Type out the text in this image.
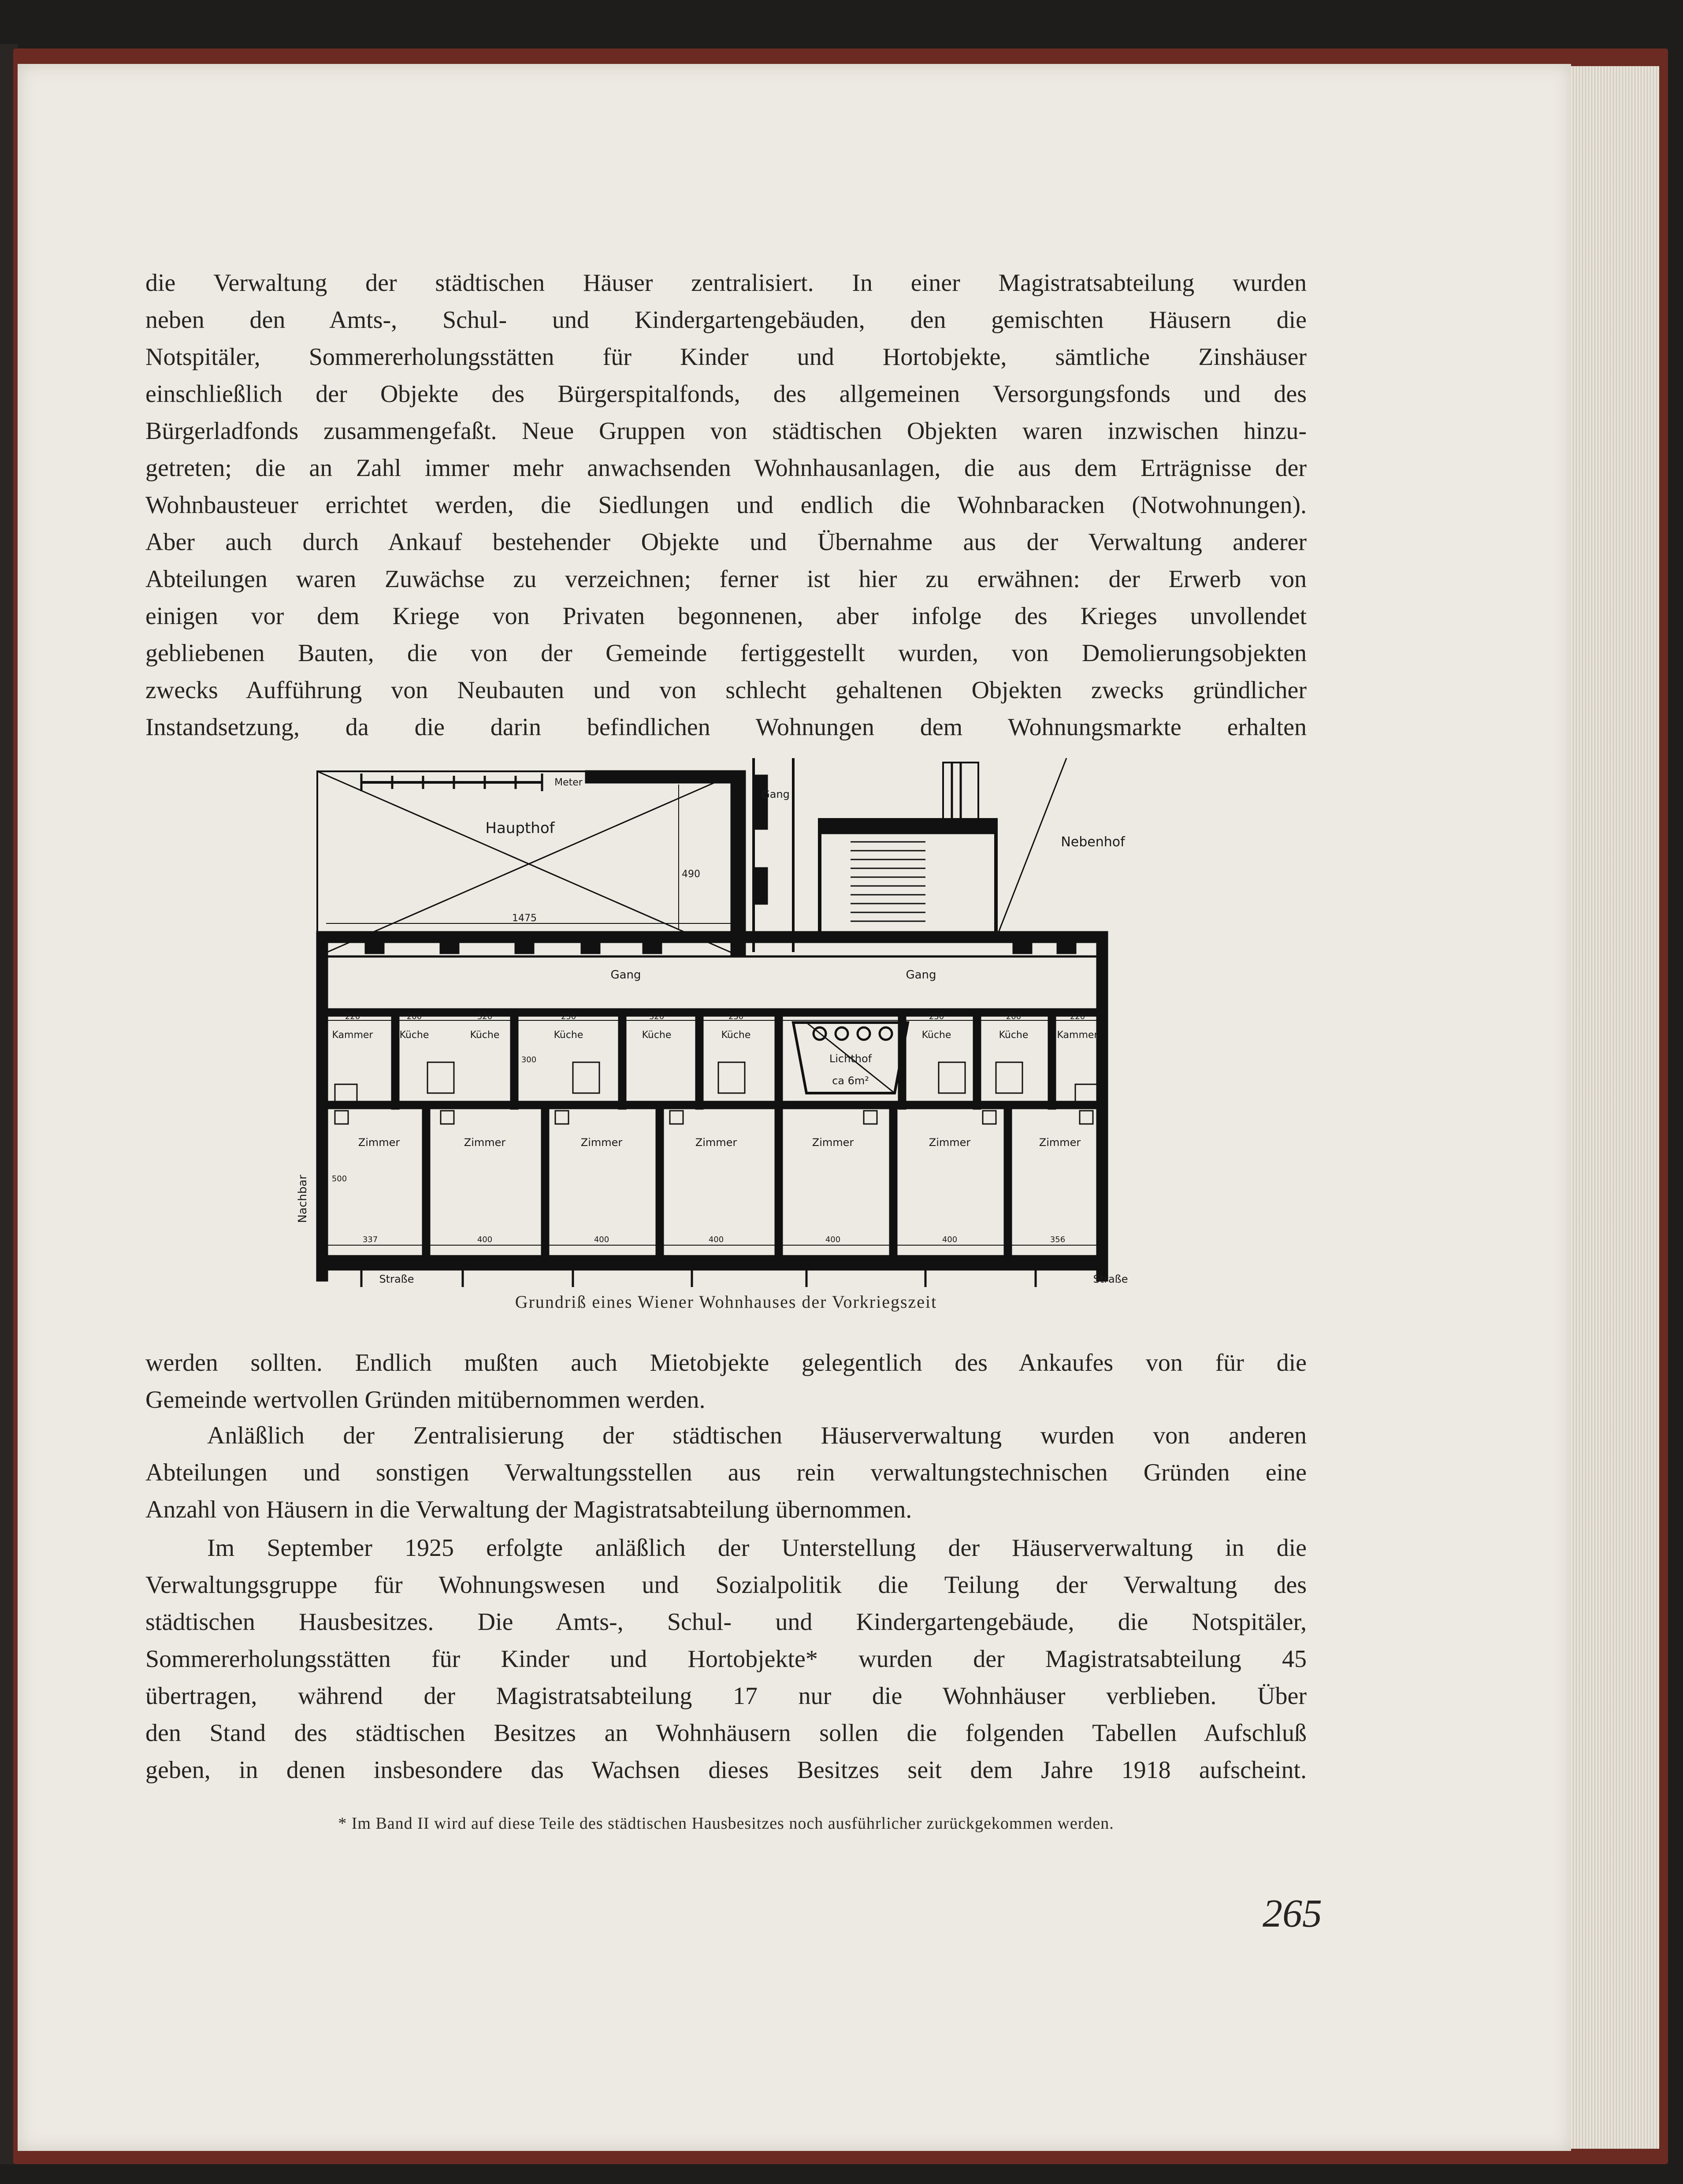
die Verwaltung der städtischen Häuser zentralisiert. In einer Magistratsabteilung wurden
neben den Amts-, Schul- und Kindergartengebäuden, den gemischten Häusern die
Notspitäler, Sommererholungsstätten für Kinder und Hortobjekte, sämtliche Zinshäuser
einschließlich der Objekte des Bürgerspitalfonds, des allgemeinen Versorgungsfonds und des
Bürgerladfonds zusammengefaßt. Neue Gruppen von städtischen Objekten waren inzwischen hinzu-
getreten; die an Zahl immer mehr anwachsenden Wohnhausanlagen, die aus dem Erträgnisse der
Wohnbausteuer errichtet werden, die Siedlungen und endlich die Wohnbaracken (Notwohnungen).
Aber auch durch Ankauf bestehender Objekte und Übernahme aus der Verwaltung anderer
Abteilungen waren Zuwächse zu verzeichnen; ferner ist hier zu erwähnen: der Erwerb von
einigen vor dem Kriege von Privaten begonnenen, aber infolge des Krieges unvollendet
gebliebenen Bauten, die von der Gemeinde fertiggestellt wurden, von Demolierungsobjekten
zwecks Aufführung von Neubauten und von schlecht gehaltenen Objekten zwecks gründlicher
Instandsetzung, da die darin befindlichen Wohnungen dem Wohnungsmarkte erhalten
Meter
Haupthof
Nebenhof
Gang
Gang	Gang
1475
490
Kammer	Küche	Küche	Küche	Küche	Küche
Lichthof
ca 6m²
Küche	Küche	Kammer
220	200	320	230	320	230	230	200	220
300
Zimmer	Zimmer	Zimmer	Zimmer	Zimmer	Zimmer	Zimmer
500
337	400	400	400	400	400	356
Straße	Straße
Nachbar
Grundriß eines Wiener Wohnhauses der Vorkriegszeit
werden sollten. Endlich mußten auch Mietobjekte gelegentlich des Ankaufes von für die
Gemeinde wertvollen Gründen mitübernommen werden.
Anläßlich der Zentralisierung der städtischen Häuserverwaltung wurden von anderen
Abteilungen und sonstigen Verwaltungsstellen aus rein verwaltungstechnischen Gründen eine
Anzahl von Häusern in die Verwaltung der Magistratsabteilung übernommen.
Im September 1925 erfolgte anläßlich der Unterstellung der Häuserverwaltung in die
Verwaltungsgruppe für Wohnungswesen und Sozialpolitik die Teilung der Verwaltung des
städtischen Hausbesitzes. Die Amts-, Schul- und Kindergartengebäude, die Notspitäler,
Sommererholungsstätten für Kinder und Hortobjekte* wurden der Magistratsabteilung 45
übertragen, während der Magistratsabteilung 17 nur die Wohnhäuser verblieben. Über
den Stand des städtischen Besitzes an Wohnhäusern sollen die folgenden Tabellen Aufschluß
geben, in denen insbesondere das Wachsen dieses Besitzes seit dem Jahre 1918 aufscheint.
* Im Band II wird auf diese Teile des städtischen Hausbesitzes noch ausführlicher zurückgekommen werden.
265
